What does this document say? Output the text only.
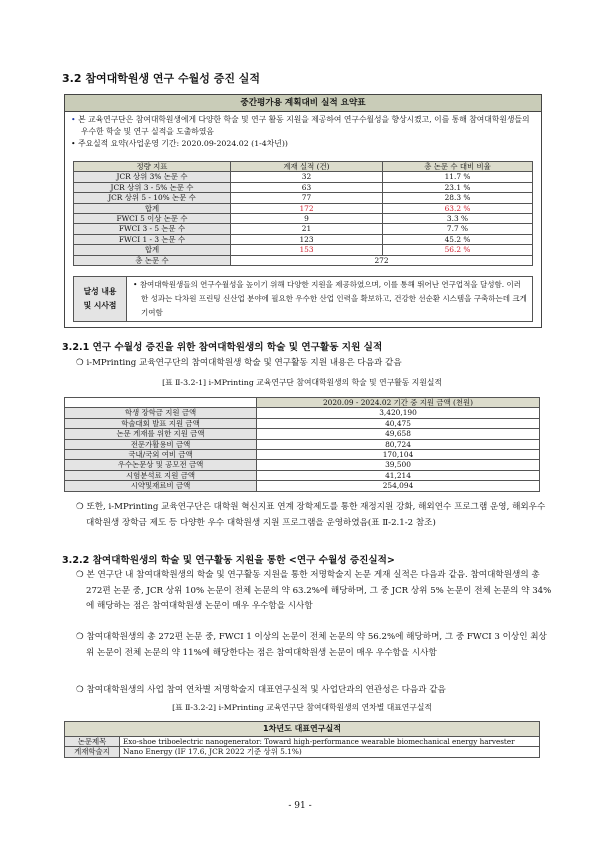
3.2 참여대학원생 연구 수월성 증진 실적
중간평가용 계획대비 실적 요약표
• 본 교육연구단은 참여대학원생에게 다양한 학술 및 연구 활동 지원을 제공하여 연구수월성을 향상시켰고, 이를 통해 참여대학원생들의 우수한 학술 및 연구 실적을 도출하였음
• 주요실적 요약(사업운영 기간: 2020.09-2024.02 (1-4차년))
정량 지표	계재 실적 (건)	총 논문 수 대비 비율
JCR 상위 3% 논문 수	32	11.7 %
JCR 상위 3 - 5% 논문 수	63	23.1 %
JCR 상위 5 - 10% 논문 수	77	28.3 %
합계	172	63.2 %
FWCI 5 이상 논문 수	9	3.3 %
FWCI 3 - 5 논문 수	21	7.7 %
FWCI 1 - 3 논문 수	123	45.2 %
합계	153	56.2 %
총 논문 수	272	
달성 내용
및 시사점
	• 참여대학원생들의 연구수월성을 높이기 위해 다양한 지원을 제공하였으며, 이를 통해 뛰어난 연구업적을 달성함. 이러한 성과는 다차원 프린팅 신산업 분야에 필요한 우수한 산업 인력을 확보하고, 건강한 선순환 시스템을 구축하는데 크게 기여함
3.2.1 연구 수월성 증진을 위한 참여대학원생의 학술 및 연구활동 지원 실적
❍ i-MPrinting 교육연구단의 참여대학원생 학술 및 연구활동 지원 내용은 다음과 같음
[표 Ⅱ-3.2-1] i-MPrinting 교육연구단 참여대학원생의 학술 및 연구활동 지원실적
	2020.09 - 2024.02 기간 중 지원 금액 (천원)
학생 장학금 지원 금액	3,420,190
학술대회 발표 지원 금액	40,475
논문 게재를 위한 지원 금액	49,658
전문가활용비 금액	80,724
국내/국외 여비 금액	170,104
우수논문상 및 공모전 금액	39,500
시험분석료 지원 금액	41,214
시약및재료비 금액	254,094
❍ 또한, i-MPrinting 교육연구단은 대학원 혁신지표 연계 장학제도를 통한 재정지원 강화, 해외연수 프로그램 운영, 해외우수 대학원생 장학금 제도 등 다양한 우수 대학원생 지원 프로그램을 운영하였음(표 Ⅱ-2.1-2 참조)
3.2.2 참여대학원생의 학술 및 연구활동 지원을 통한 <연구 수월성 증진실적>
❍ 본 연구단 내 참여대학원생의 학술 및 연구활동 지원을 통한 저명학술지 논문 게재 실적은 다음과 같음. 참여대학원생의 총 272편 논문 중, JCR 상위 10% 논문이 전체 논문의 약 63.2%에 해당하며, 그 중 JCR 상위 5% 논문이 전체 논문의 약 34%에 해당하는 점은 참여대학원생 논문이 매우 우수함을 시사함
❍ 참여대학원생의 총 272편 논문 중, FWCI 1 이상의 논문이 전체 논문의 약 56.2%에 해당하며, 그 중 FWCI 3 이상인 최상위 논문이 전체 논문의 약 11%에 해당한다는 점은 참여대학원생 논문이 매우 우수함을 시사함
❍ 참여대학원생의 사업 참여 연차별 저명학술지 대표연구실적 및 사업단과의 연관성은 다음과 같음
[표 Ⅱ-3.2-2] i-MPrinting 교육연구단 참여대학원생의 연차별 대표연구실적
1차년도 대표연구실적	
논문제목	Exo-shoe triboelectric nanogenerator: Toward high-performance wearable biomechanical energy harvester
게재학술지	Nano Energy (IF 17.6, JCR 2022 기준 상위 5.1%)
- 91 -
